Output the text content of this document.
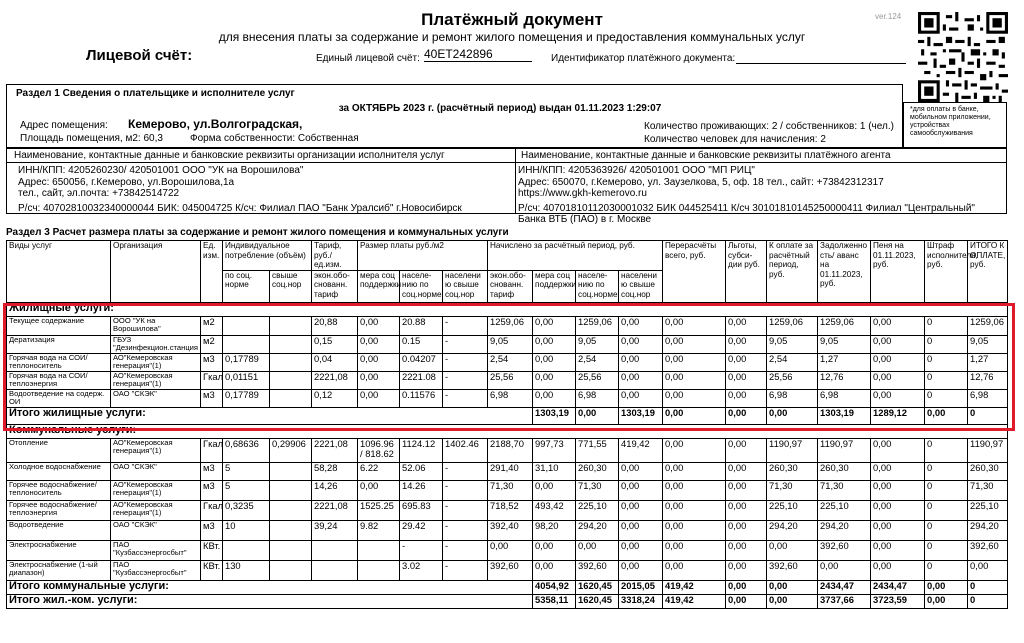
ver.124
Платёжный документ
для внесения платы за содержание и ремонт жилого помещения и предоставления коммунальных услуг
Лицевой счёт:	Единый лицевой счёт: 40ЕТ242896	Идентификатор платёжного документа:
Раздел 1 Сведения о плательщике и исполнителе услуг
за ОКТЯБРЬ 2023 г. (расчётный период) выдан 01.11.2023 1:29:07
Адрес помещения: Кемерово, ул.Волгоградская,
Площадь помещения, м2: 60,3	Форма собственности: Собственная
Количество проживающих: 2 / собственников: 1 (чел.)
Количество человек для начисления: 2
*для оплаты в банке, мобильном приложении, устройствах самообслуживания
Наименование, контактные данные и банковские реквизиты организации исполнителя услуг
ИНН/КПП: 4205260230/ 420501001 ООО "УК на Ворошилова"
Адрес: 650056, г.Кемерово, ул.Ворошилова,1а
тел., сайт, эл.почта: +73842514722
Р/сч: 40702810032340000044 БИК: 045004725 К/сч: Филиал ПАО "Банк Уралсиб" г.Новосибирск
Наименование, контактные данные и банковские реквизиты платёжного агента
ИНН/КПП: 4205363926/ 420501001 ООО "МП РИЦ"
Адрес: 650070, г.Кемерово, ул. Заузелкова, 5, оф. 18 тел., сайт: +73842312317
https://www.gkh-kemerovo.ru
Р/сч: 40701810112030001032 БИК 044525411 К/сч 30101810145250000411 Филиал "Центральный"
Банка ВТБ (ПАО) в г. Москве
Раздел 3 Расчет размера платы за содержание и ремонт жилого помещения и коммунальных услуги
Виды услуг	Организация	Ед. изм.	Индивидуальное потребление (объём)		Тариф, руб./ед.изм.	Размер платы руб./м2			Начислено за расчётный период, руб.				Перерасчёты всего, руб.	Льготы, субси-дии руб.	К оплате за расчётный период, руб.	Задолженно сть/ аванс на 01.11.2023, руб.	Пеня на 01.11.2023, руб.	Штраф исполнителя, руб.	ИТОГО К ОПЛАТЕ, руб.	
			по соц. норме	свыше соц.нор	экон.обо-снованн. тариф	мера соц поддержки	населе-нию по соц.норме	населени ю свыше соц.нор	экон.обо-снованн. тариф	мера соц поддержки	населе-нию по соц.норме	населени ю свыше соц.нор								
Жилищные услуги:																				
Текущее содержание	ООО "УК на Ворошилова"	м2			20,88	0,00	20.88	-	1259,06	0,00	1259,06	0,00	0,00	0,00	1259,06	1259,06	0,00	0	1259,06	
Дератизация	ГБУЗ "Дезинфекцион.станция	м2			0,15	0,00	0.15	-	9,05	0,00	9,05	0,00	0,00	0,00	9,05	9,05	0,00	0	9,05	
Горячая вода на СОИ/теплоноситель	АО"Кемеровская генерация"(1)	м3	0,17789		0,04	0,00	0.04207	-	2,54	0,00	2,54	0,00	0,00	0,00	2,54	1,27	0,00	0	1,27	
Горячая вода на СОИ/теплоэнергия	АО"Кемеровская генерация"(1)	Гкал	0,01151		2221,08	0,00	2221.08	-	25,56	0,00	25,56	0,00	0,00	0,00	25,56	12,76	0,00	0	12,76	
Водоотведение на содерж. ОИ	ОАО "СКЭК"	м3	0,17789		0,12	0,00	0.11576	-	6,98	0,00	6,98	0,00	0,00	0,00	6,98	6,98	0,00	0	6,98	
Итого жилищные услуги:										1303,19	0,00	1303,19	0,00	0,00	0,00	1303,19	1289,12	0,00	0	
Коммунальные услуги:																				
Отопление	АО"Кемеровская генерация"(1)	Гкал	0,68636	0,29906	2221,08	1096.96 / 818.62	1124.12	1402.46	2188,70	997,73	771,55	419,42	0,00	0,00	1190,97	1190,97	0,00	0	1190,97	
Холодное водоснабжение	ОАО "СКЭК"	м3	5		58,28	6.22	52.06	-	291,40	31,10	260,30	0,00	0,00	0,00	260,30	260,30	0,00	0	260,30	
Горячее водоснабжение/теплоноситель	АО"Кемеровская генерация"(1)	м3	5		14,26	0,00	14.26	-	71,30	0,00	71,30	0,00	0,00	0,00	71,30	71,30	0,00	0	71,30	
Горячее водоснабжение/теплоэнергия	АО"Кемеровская генерация"(1)	Гкал	0,3235		2221,08	1525.25	695.83	-	718,52	493,42	225,10	0,00	0,00	0,00	225,10	225,10	0,00	0	225,10	
Водоотведение	ОАО "СКЭК"	м3	10		39,24	9.82	29.42	-	392,40	98,20	294,20	0,00	0,00	0,00	294,20	294,20	0,00	0	294,20	
Электроснабжение	ПАО "Кузбассэнергосбыт"	КВт.					-	-	0,00	0,00	0,00	0,00	0,00	0,00	0,00	392,60	0,00	0	392,60	
Электроснабжение (1-ый диапазон)	ПАО "Кузбассэнергосбыт"	КВт.	130				3.02	-	392,60	0,00	392,60	0,00	0,00	0,00	392,60	0,00	0,00	0	0,00	
Итого коммунальные услуги:										4054,92	1620,45	2015,05	419,42	0,00	0,00	2434,47	2434,47	0,00	0	
Итого жил.-ком. услуги:										5358,11	1620,45	3318,24	419,42	0,00	0,00	3737,66	3723,59	0,00	0	
